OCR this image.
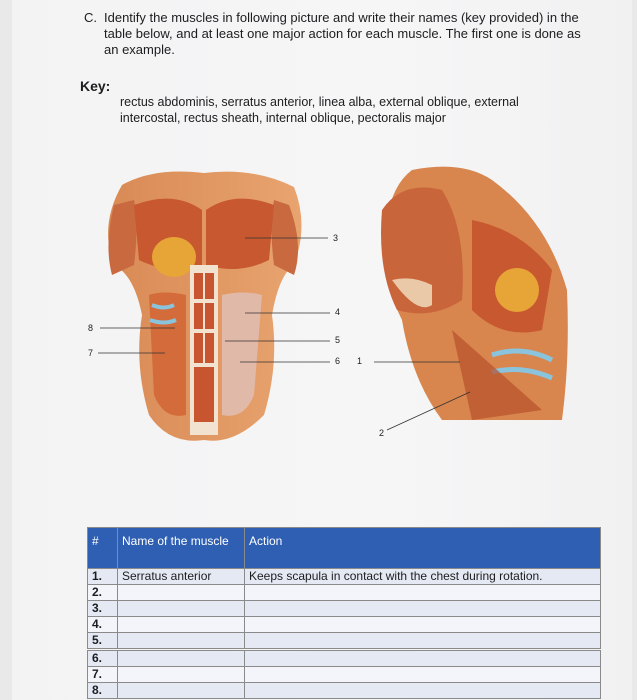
C. Identify the muscles in following picture and write their names (key provided) in the table below, and at least one major action for each muscle. The first one is done as an example.
Key:
rectus abdominis, serratus anterior, linea alba, external oblique, external intercostal, rectus sheath, internal oblique, pectoralis major
3
4
5
6
8
7
1
2
#	Name of the muscle	Action
1.	Serratus anterior	Keeps scapula in contact with the chest during rotation.
2.		
3.		
4.		
5.		
6.		
7.		
8.		
